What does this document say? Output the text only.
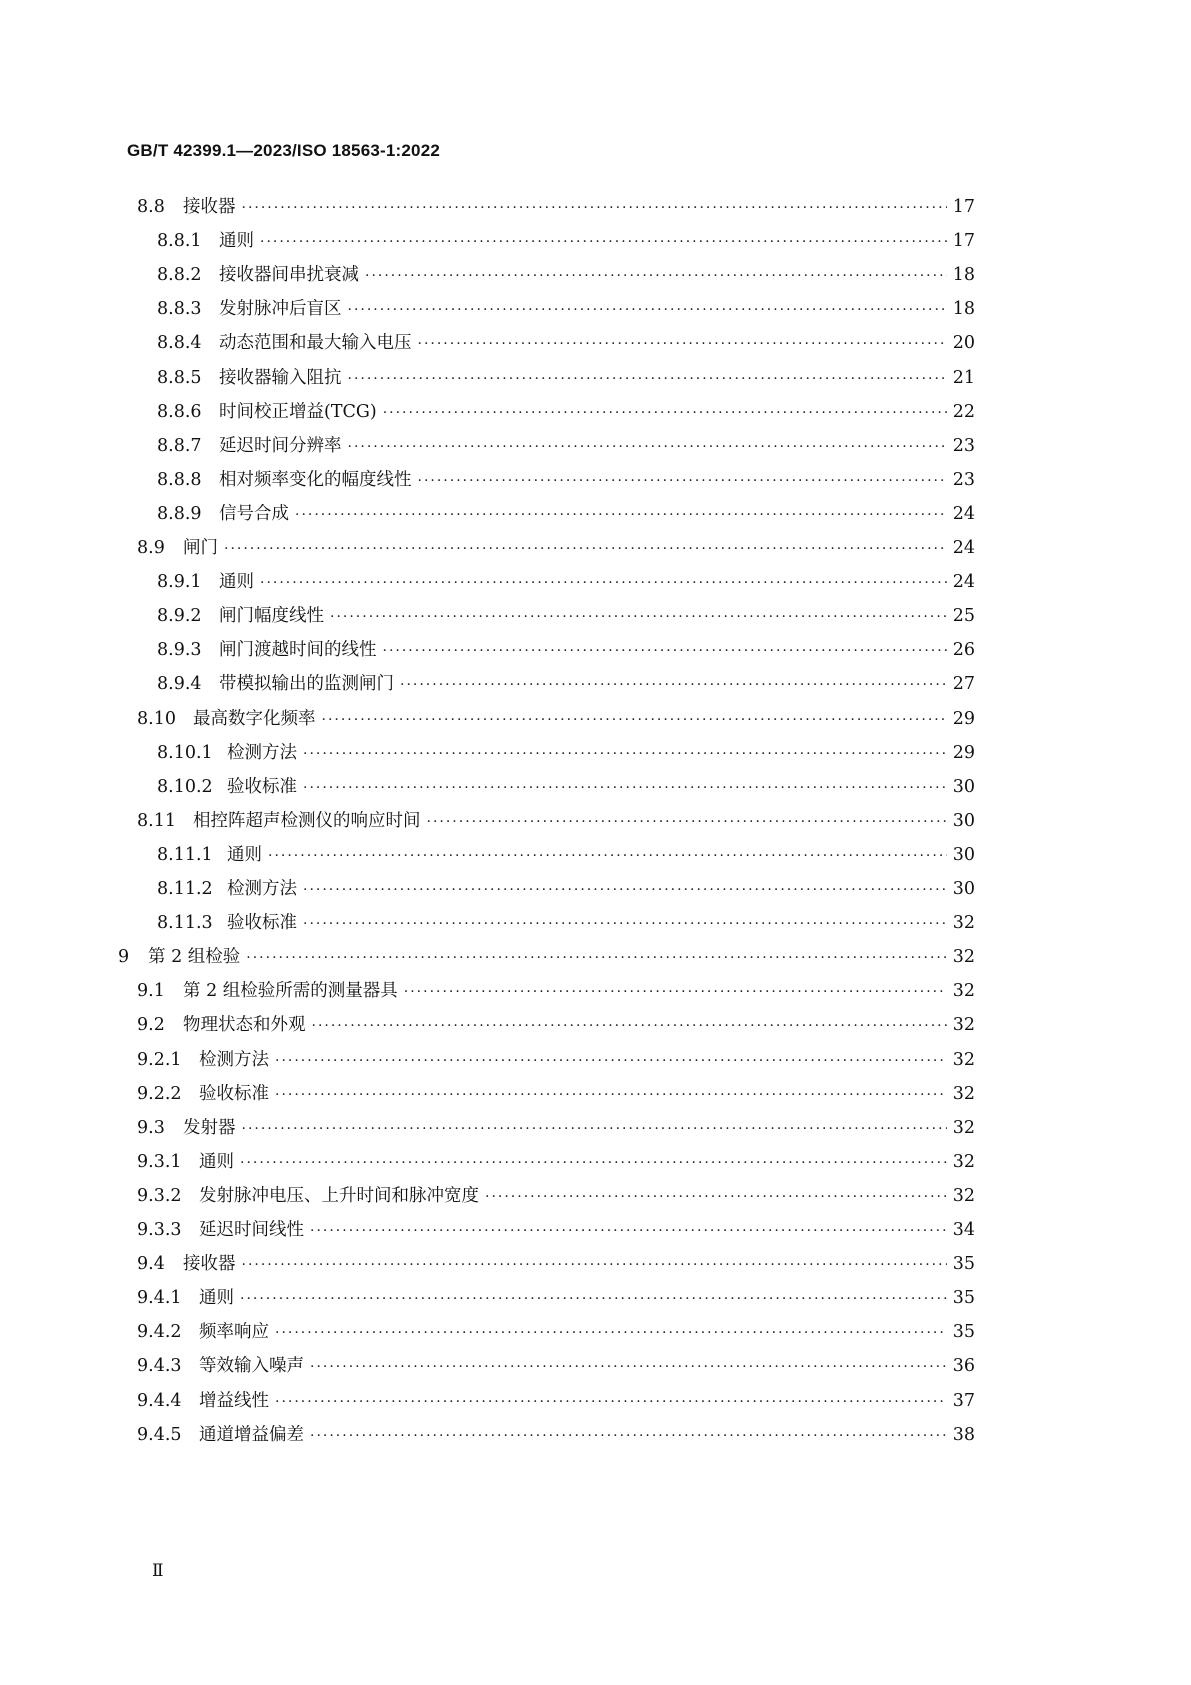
GB/T 42399.1—2023/ISO 18563-1:2022
8.8	接收器 ·····	17
8.8.1 通则 ·····	17
8.8.2 接收器间串扰衰减 ·····	18
8.8.3 发射脉冲后盲区 ·····	18
8.8.4 动态范围和最大输入电压 ·····	20
8.8.5 接收器输入阻抗 ·····	21
8.8.6 时间校正增益(TCG) ·····	22
8.8.7 延迟时间分辨率 ·····	23
8.8.8 相对频率变化的幅度线性 ·····	23
8.8.9 信号合成 ·····	24
8.9	闸门 ·····	24
8.9.1 通则 ·····	24
8.9.2 闸门幅度线性 ·····	25
8.9.3 闸门渡越时间的线性 ·····	26
8.9.4 带模拟输出的监测闸门 ·····	27
8.10 最高数字化频率 ·····	29
8.10.1 检测方法 ·····	29
8.10.2 验收标准 ·····	30
8.11 相控阵超声检测仪的响应时间 ·····	30
8.11.1 通则 ·····	30
8.11.2 检测方法 ·····	30
8.11.3 验收标准 ·····	32
9	第 2 组检验 ·····	32
9.1	第 2 组检验所需的测量器具 ·····	32
9.2	物理状态和外观 ·····	32
9.2.1 检测方法 ·····	32
9.2.2 验收标准 ·····	32
9.3	发射器 ·····	32
9.3.1 通则 ·····	32
9.3.2 发射脉冲电压、上升时间和脉冲宽度 ·····	32
9.3.3 延迟时间线性 ·····	34
9.4	接收器 ·····	35
9.4.1 通则 ·····	35
9.4.2 频率响应 ·····	35
9.4.3 等效输入噪声 ·····	36
9.4.4 增益线性 ·····	37
9.4.5 通道增益偏差 ·····	38
Ⅱ
